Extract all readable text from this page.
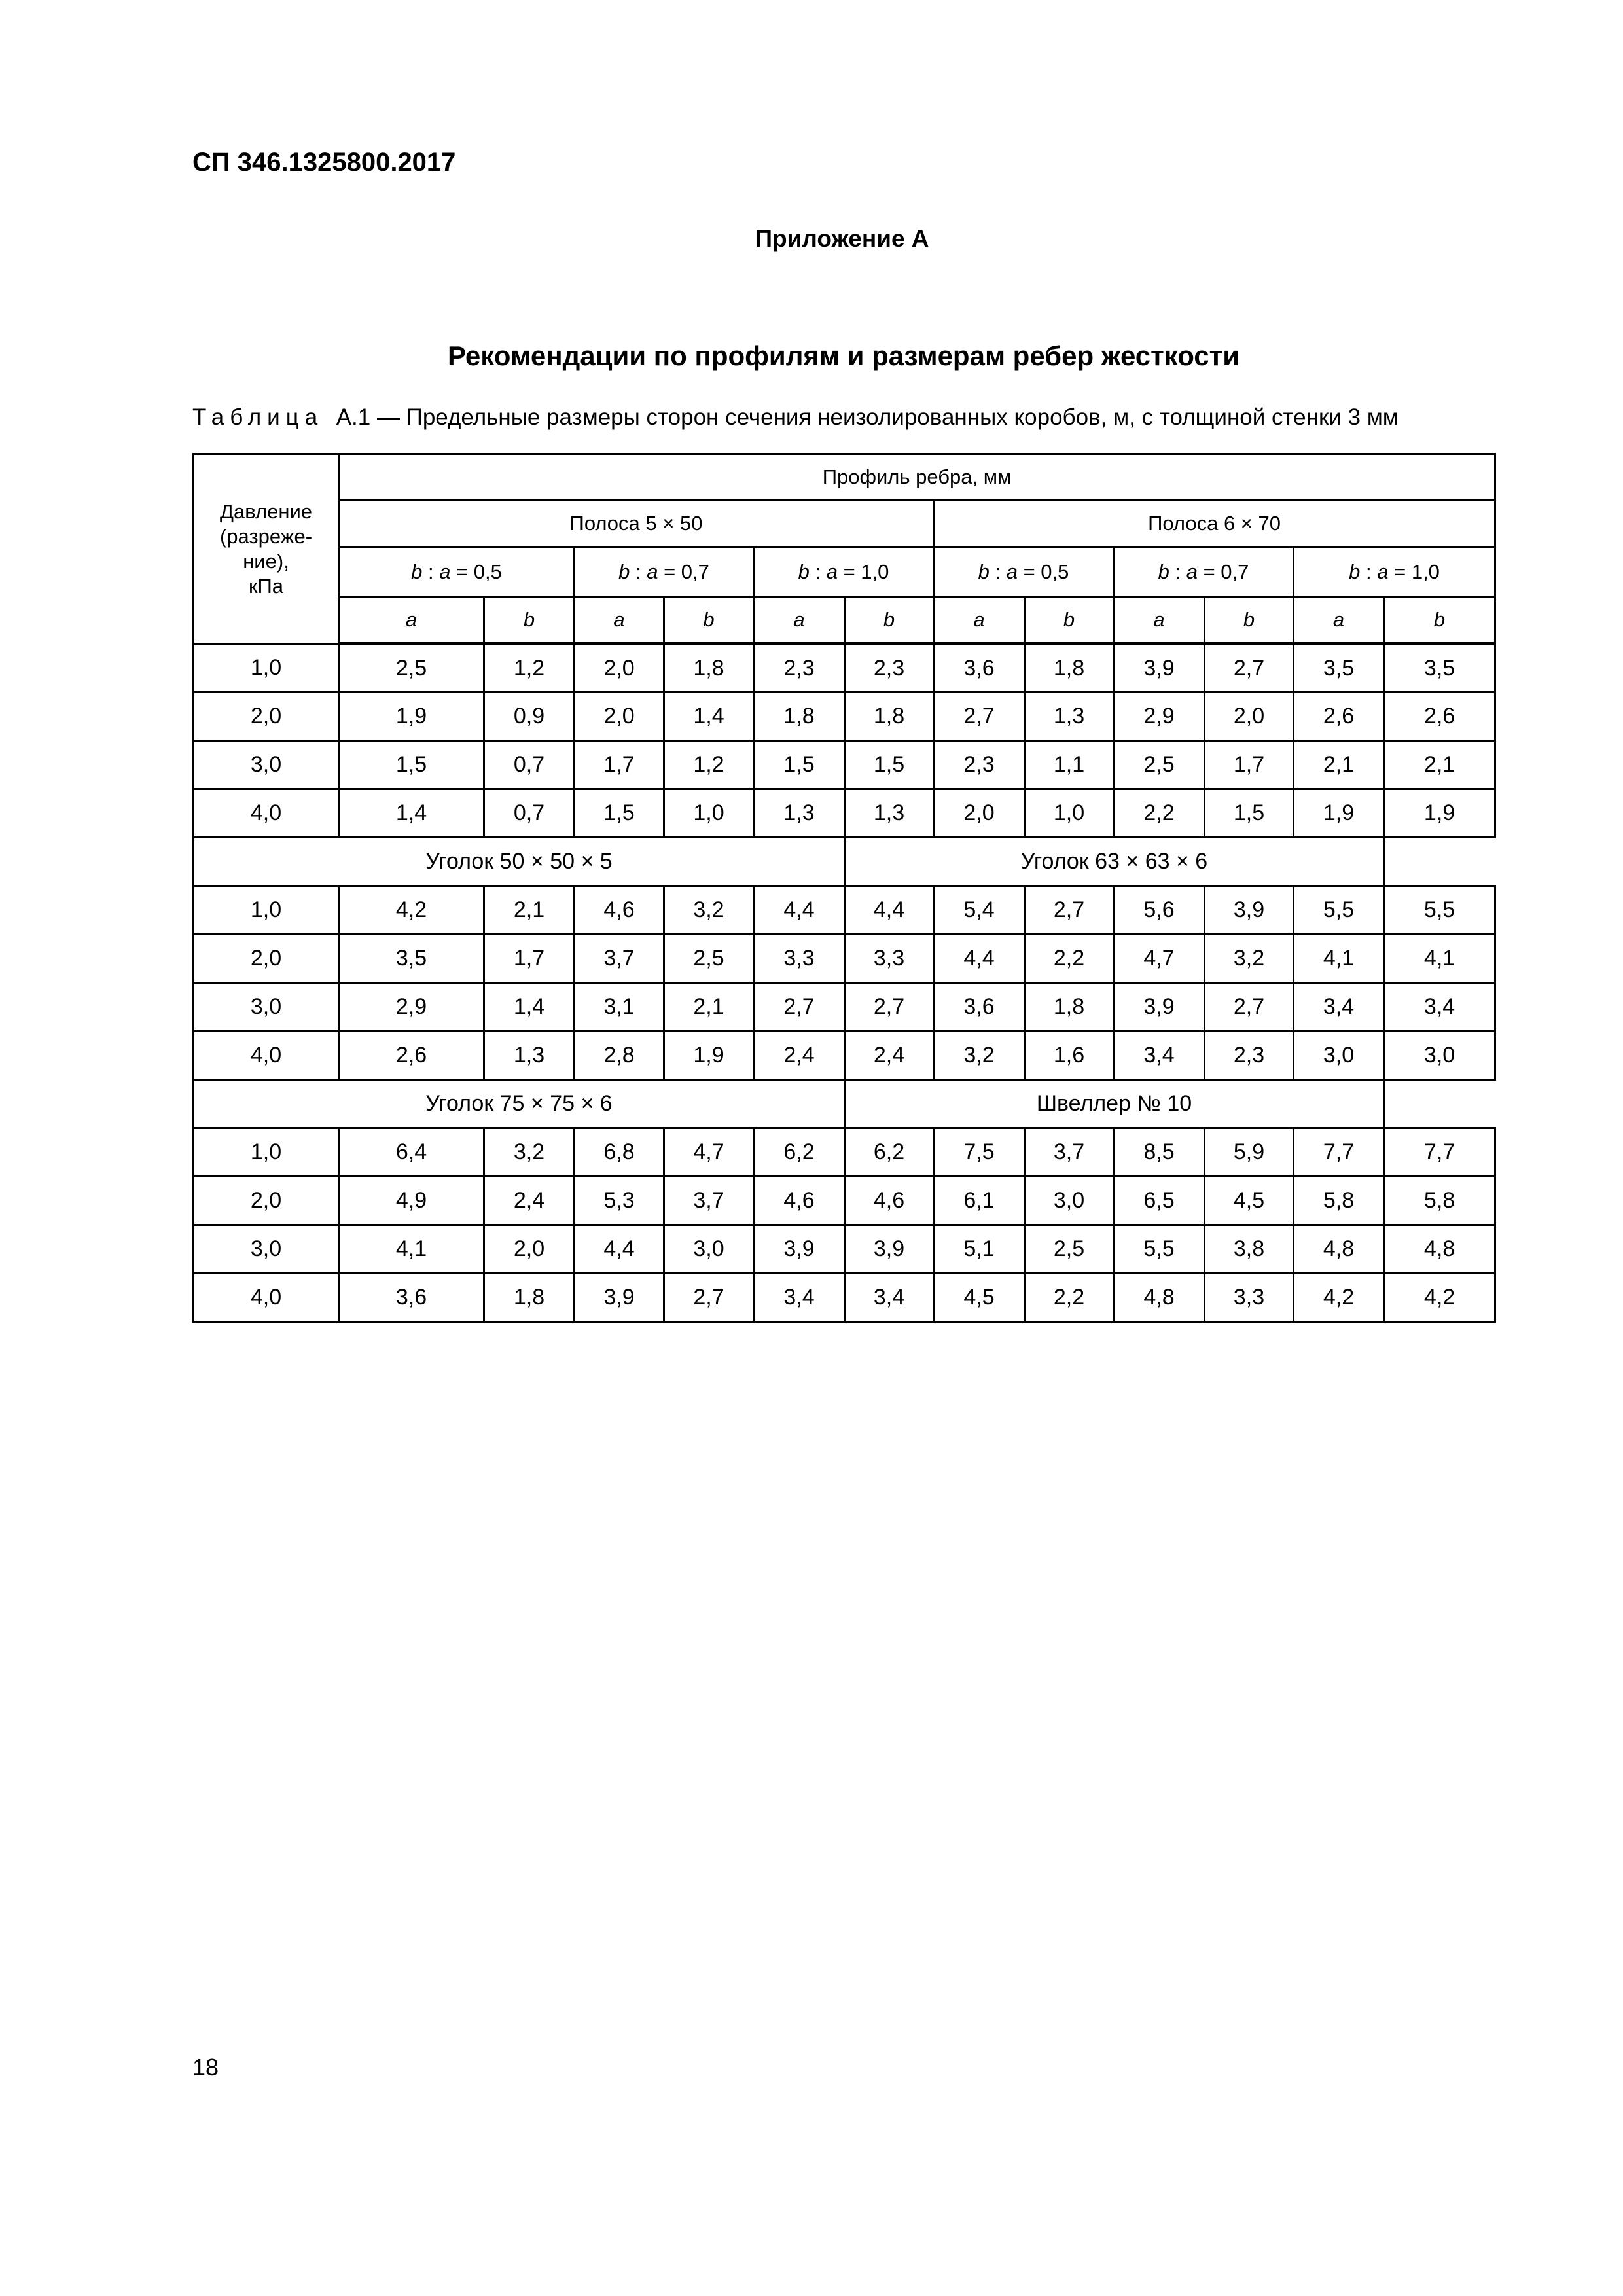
СП 346.1325800.2017
Приложение А
Рекомендации по профилям и размерам ребер жесткости
Таблица А.1 — Предельные размеры сторон сечения неизолированных коробов, м, с толщиной стенки 3 мм
Давление
(разреже-
ние),
кПа	Профиль ребра, мм											
	Полоса 5 × 50						Полоса 6 × 70					
	b : a = 0,5		b : a = 0,7		b : a = 1,0		b : a = 0,5		b : a = 0,7		b : a = 1,0	
	a	b	a	b	a	b	a	b	a	b	a	b
1,0	2,5	1,2	2,0	1,8	2,3	2,3	3,6	1,8	3,9	2,7	3,5	3,5
2,0	1,9	0,9	2,0	1,4	1,8	1,8	2,7	1,3	2,9	2,0	2,6	2,6
3,0	1,5	0,7	1,7	1,2	1,5	1,5	2,3	1,1	2,5	1,7	2,1	2,1
4,0	1,4	0,7	1,5	1,0	1,3	1,3	2,0	1,0	2,2	1,5	1,9	1,9
Уголок 50 × 50 × 5						Уголок 63 × 63 × 6						
1,0	4,2	2,1	4,6	3,2	4,4	4,4	5,4	2,7	5,6	3,9	5,5	5,5
2,0	3,5	1,7	3,7	2,5	3,3	3,3	4,4	2,2	4,7	3,2	4,1	4,1
3,0	2,9	1,4	3,1	2,1	2,7	2,7	3,6	1,8	3,9	2,7	3,4	3,4
4,0	2,6	1,3	2,8	1,9	2,4	2,4	3,2	1,6	3,4	2,3	3,0	3,0
Уголок 75 × 75 × 6						Швеллер № 10						
1,0	6,4	3,2	6,8	4,7	6,2	6,2	7,5	3,7	8,5	5,9	7,7	7,7
2,0	4,9	2,4	5,3	3,7	4,6	4,6	6,1	3,0	6,5	4,5	5,8	5,8
3,0	4,1	2,0	4,4	3,0	3,9	3,9	5,1	2,5	5,5	3,8	4,8	4,8
4,0	3,6	1,8	3,9	2,7	3,4	3,4	4,5	2,2	4,8	3,3	4,2	4,2
18
